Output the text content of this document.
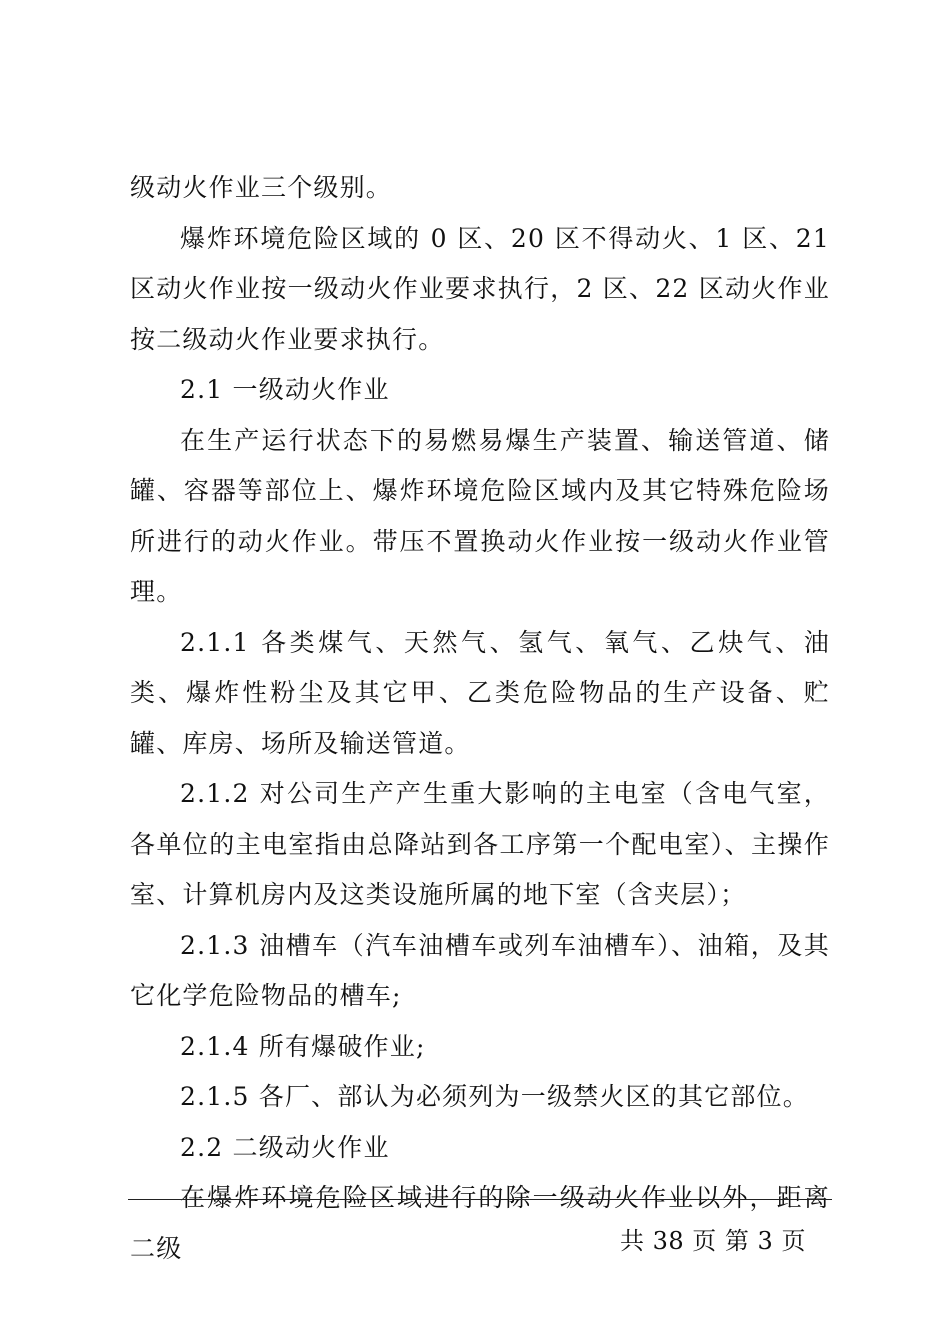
级动火作业三个级别。

爆炸环境危险区域的 0 区、20 区不得动火、1 区、21 区动火作业按一级动火作业要求执行，2 区、22 区动火作业按二级动火作业要求执行。

2.1 一级动火作业

在生产运行状态下的易燃易爆生产装置、输送管道、储罐、容器等部位上、爆炸环境危险区域内及其它特殊危险场所进行的动火作业。带压不置换动火作业按一级动火作业管理。

2.1.1 各类煤气、天然气、氢气、氧气、乙炔气、油类、爆炸性粉尘及其它甲、乙类危险物品的生产设备、贮罐、库房、场所及输送管道。

2.1.2 对公司生产产生重大影响的主电室（含电气室，各单位的主电室指由总降站到各工序第一个配电室）、主操作室、计算机房内及这类设施所属的地下室（含夹层）；

2.1.3 油槽车（汽车油槽车或列车油槽车）、油箱，及其它化学危险物品的槽车;

2.1.4 所有爆破作业;

2.1.5 各厂、部认为必须列为一级禁火区的其它部位。

2.2 二级动火作业

在爆炸环境危险区域进行的除一级动火作业以外，距离二级	共 38 页 第 3 页
